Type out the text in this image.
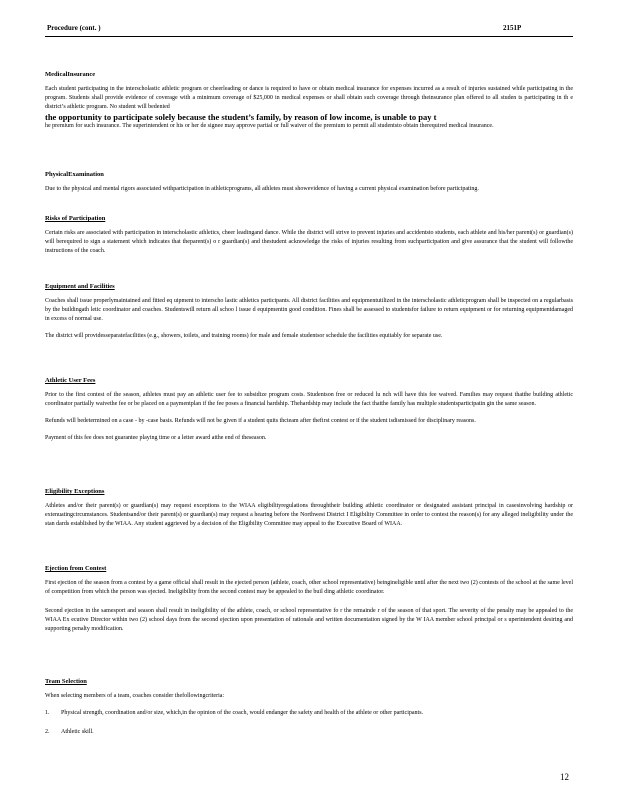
Procedure (cont. )	2151P
MedicalInsurance
Each student participating in the interscholastic athletic program or cheerleading or dance is required to have or obtain medical insurance for expenses incurred as a result of injuries sustained while participating in the program. Students shall provide evidence of coverage with a minimum coverage of $25,000 in medical expenses or shall obtain such coverage through theinsurance plan offered to all studen ts participating in th e district’s athletic program. No student will bedenied
the opportunity to participate solely because the student’s family, by reason of low income, is unable to pay t
he premium for such insurance. The superintendent or his or her de signee may approve partial or full waiver of the premium to permit all studentsto obtain therequired medical insurance.
PhysicalExamination
Due to the physical and mental rigors associated withparticipation in athleticprograms, all athletes must showevidence of having a current physical examination before participating.
Risks of Participation
Certain risks are associated with participation in interscholastic athletics, cheer leadingand dance. While the district will strive to prevent injuries and accidentsto students, each athlete and his/her parent(s) or guardian(s) will berequired to sign a statement which indicates that theparent(s) o r guardian(s) and thestudent acknowledge the risks of injuries resulting from suchparticipation and give assurance that the student will followthe instructions of the coach.
Equipment and Facilities
Coaches shall issue properlymaintained and fitted eq uipment to interscho lastic athletics participants. All district facilities and equipmentutilized in the interscholastic athleticprogram shall be inspected on a regularbasis by the buildingath letic coordinator and coaches. Studentswill return all schoo l issue d equipmentin good condition. Fines shall be assessed to studentsfor failure to return equipment or for returning equipmentdamaged in excess of normal use.
The district will providesseparatefacilities (e.g., showers, toilets, and training rooms) for male and female studentsor schedule the facilities equitably for separate use.
Athletic User Fees
Prior to the first contest of the season, athletes must pay an athletic user fee to subsidize program costs. Studentson free or reduced lu nch will have this fee waived. Families may request thatthe building athletic coordinator partially waivethe fee or be placed on a paymentplan if the fee poses a financial hardship. Thehardship may include the fact thatthe family has multiple studentsparticipatin gin the same season.
Refunds will bedetermined on a case - by -case basis. Refunds will not be given if a student quits thcteam after thefirst contest or if the student isdismissed for disciplinary reasons.
Payment of this fee does not guarantee playing time or a letter award atthe end of theseason.
Eligibility Exceptions
Athletes and/or their parent(s) or guardian(s) may request exceptions to the WIAA eligibilityregulations throughtheir building athletic coordinator or designated assistant principal in casesinvolving hardship or extenuatingcircumstances. Studentsand/or their parent(s) or guardian(s) may request a hearing before the Northwest District I Eligibility Committee in order to contest the reason(s) for any alleged ineligibility under the stan dards established by the WIAA. Any student aggrieved by a decision of the Eligibility Committee may appeal to the Executive Board of WIAA.
Ejection from Contest
First ejection of the season from a contest by a game official shall result in the ejected person (athlete, coach, other school representative) beingineligible until after the next two (2) contests of the school at the same level of competition from which the person was ejected. Ineligibility from the second contest may be appealed to the buil ding athletic coordinator.
Second ejection in the samesport and season shall result in ineligibility of the athlete, coach, or school representative fo r the remainde r of the season of that sport. The severity of the penalty may be appealed to the WIAA Ex ecutive Director within two (2) school days from the second ejection upon presentation of rationale and written documentation signed by the W IAA member school principal or s uperintendent desiring and supporting penalty modification.
Team Selection
When selecting members of a team, coaches consider thefollowingcriteria:
1. Physical strength, coordination and/or size, which,in the opinion of the coach, would endanger the safety and health of the athlete or other participants.
2. Athletic skill.
12
